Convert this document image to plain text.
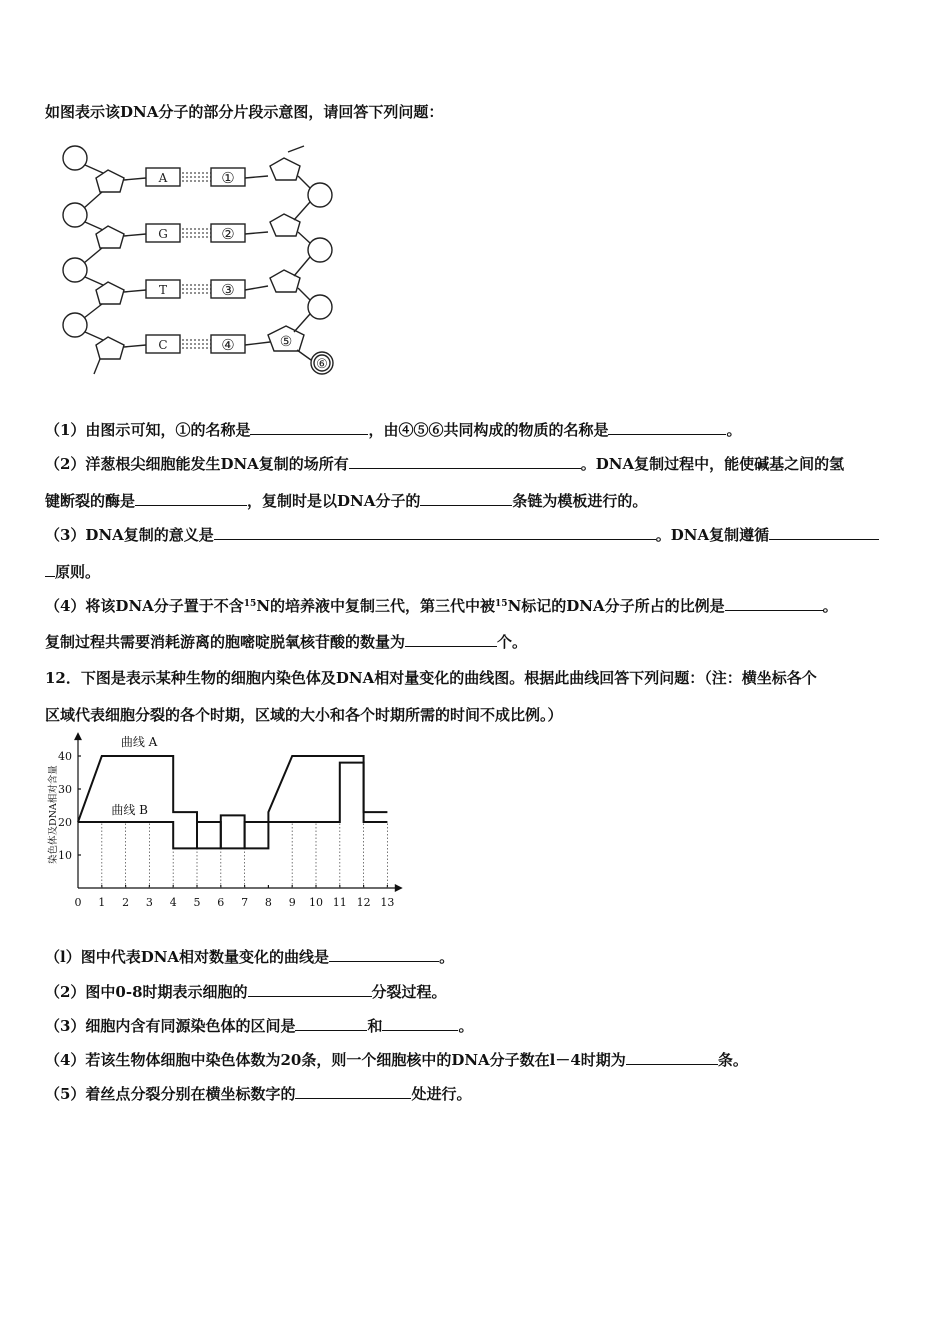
如图表示该DNA分子的部分片段示意图，请回答下列问题：
A
G
T
C
①
②
③
④	⑤
⑥
（1）由图示可知，①的名称是	，由④⑤⑥共同构成的物质的名称是	。
（2）洋葱根尖细胞能发生DNA复制的场所有	。DNA复制过程中，能使碱基之间的氢
键断裂的酶是	，复制时是以DNA分子的	条链为模板进行的。
（3）DNA复制的意义是	。DNA复制遵循
原则。
（4）将该DNA分子置于不含$^{15}$N的培养液中复制三代，第三代中被$^{15}$N标记的DNA分子所占的比例是	。
复制过程共需要消耗游离的胞嘧啶脱氧核苷酸的数量为	个。
12．下图是表示某种生物的细胞内染色体及DNA相对量变化的曲线图。根据此曲线回答下列问题：（注：横坐标各个
区域代表细胞分裂的各个时期，区域的大小和各个时期所需的时间不成比例。）
0 1 2 3 4 5 6 7 8 9 10 11 12 13
10
20
30
40
曲线 A
曲线 B
染色体及DNA相对含量
（l）图中代表DNA相对数量变化的曲线是	。
（2）图中0-8时期表示细胞的	分裂过程。
（3）细胞内含有同源染色体的区间是	和	。
（4）若该生物体细胞中染色体数为20条，则一个细胞核中的DNA分子数在l－4时期为	条。
（5）着丝点分裂分别在横坐标数字的	处进行。
